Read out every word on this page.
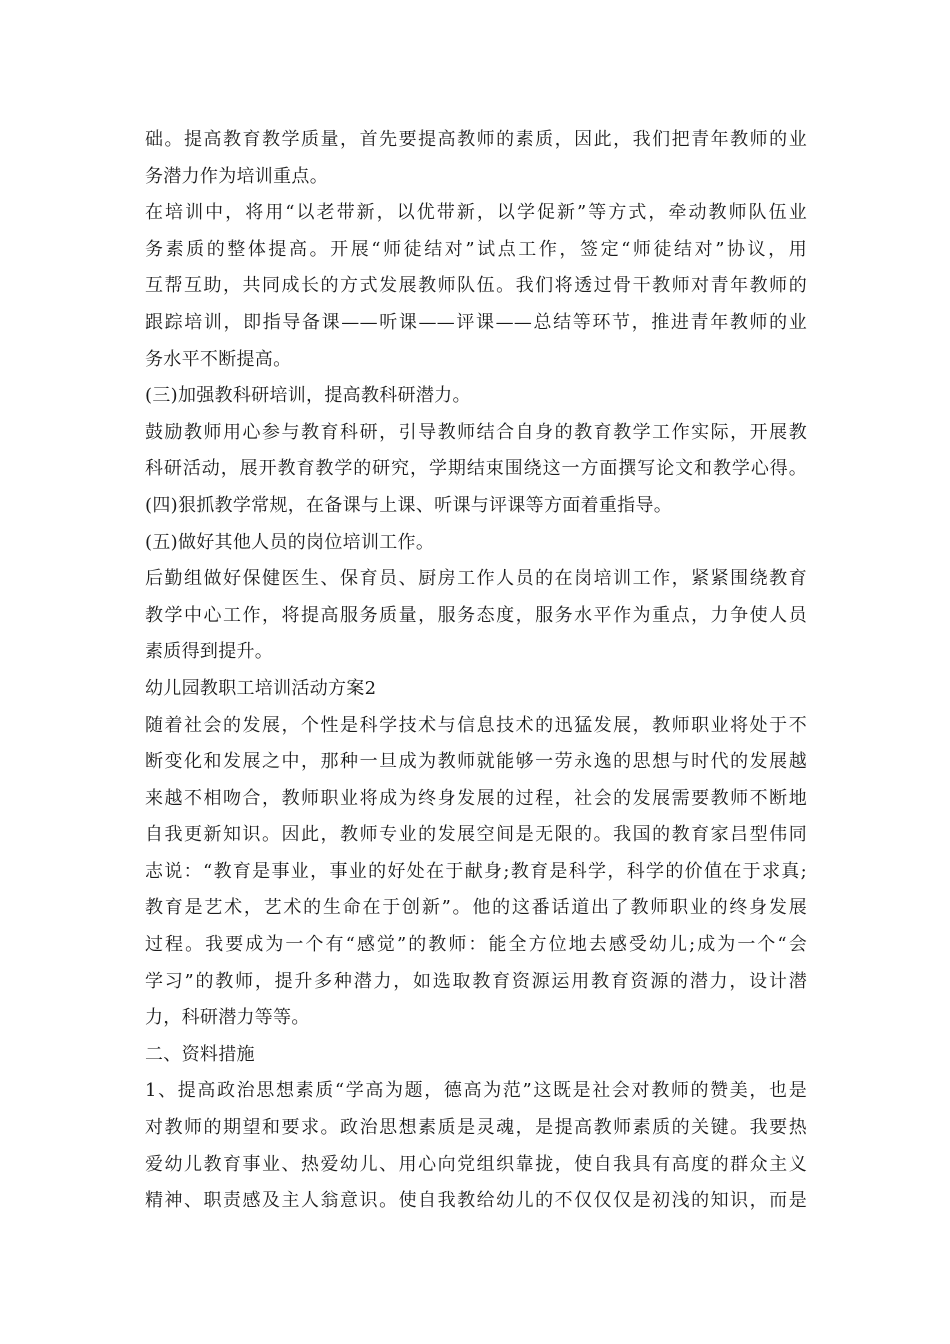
础。提高教育教学质量，首先要提高教师的素质，因此，我们把青年教师的业
务潜力作为培训重点。
在培训中，将用“以老带新，以优带新，以学促新”等方式，牵动教师队伍业
务素质的整体提高。开展“师徒结对”试点工作，签定“师徒结对”协议，用
互帮互助，共同成长的方式发展教师队伍。我们将透过骨干教师对青年教师的
跟踪培训，即指导备课——听课——评课——总结等环节，推进青年教师的业
务水平不断提高。
(三)加强教科研培训，提高教科研潜力。
鼓励教师用心参与教育科研，引导教师结合自身的教育教学工作实际，开展教
科研活动，展开教育教学的研究，学期结束围绕这一方面撰写论文和教学心得。
(四)狠抓教学常规，在备课与上课、听课与评课等方面着重指导。
(五)做好其他人员的岗位培训工作。
后勤组做好保健医生、保育员、厨房工作人员的在岗培训工作，紧紧围绕教育
教学中心工作，将提高服务质量，服务态度，服务水平作为重点，力争使人员
素质得到提升。
幼儿园教职工培训活动方案2
随着社会的发展，个性是科学技术与信息技术的迅猛发展，教师职业将处于不
断变化和发展之中，那种一旦成为教师就能够一劳永逸的思想与时代的发展越
来越不相吻合，教师职业将成为终身发展的过程，社会的发展需要教师不断地
自我更新知识。因此，教师专业的发展空间是无限的。我国的教育家吕型伟同
志说：“教育是事业，事业的好处在于献身;教育是科学，科学的价值在于求真;
教育是艺术，艺术的生命在于创新”。他的这番话道出了教师职业的终身发展
过程。我要成为一个有“感觉”的教师：能全方位地去感受幼儿;成为一个“会
学习”的教师，提升多种潜力，如选取教育资源运用教育资源的潜力，设计潜
力，科研潜力等等。
二、资料措施
1、提高政治思想素质“学高为题，德高为范”这既是社会对教师的赞美，也是
对教师的期望和要求。政治思想素质是灵魂，是提高教师素质的关键。我要热
爱幼儿教育事业、热爱幼儿、用心向党组织靠拢，使自我具有高度的群众主义
精神、职责感及主人翁意识。使自我教给幼儿的不仅仅仅是初浅的知识，而是
